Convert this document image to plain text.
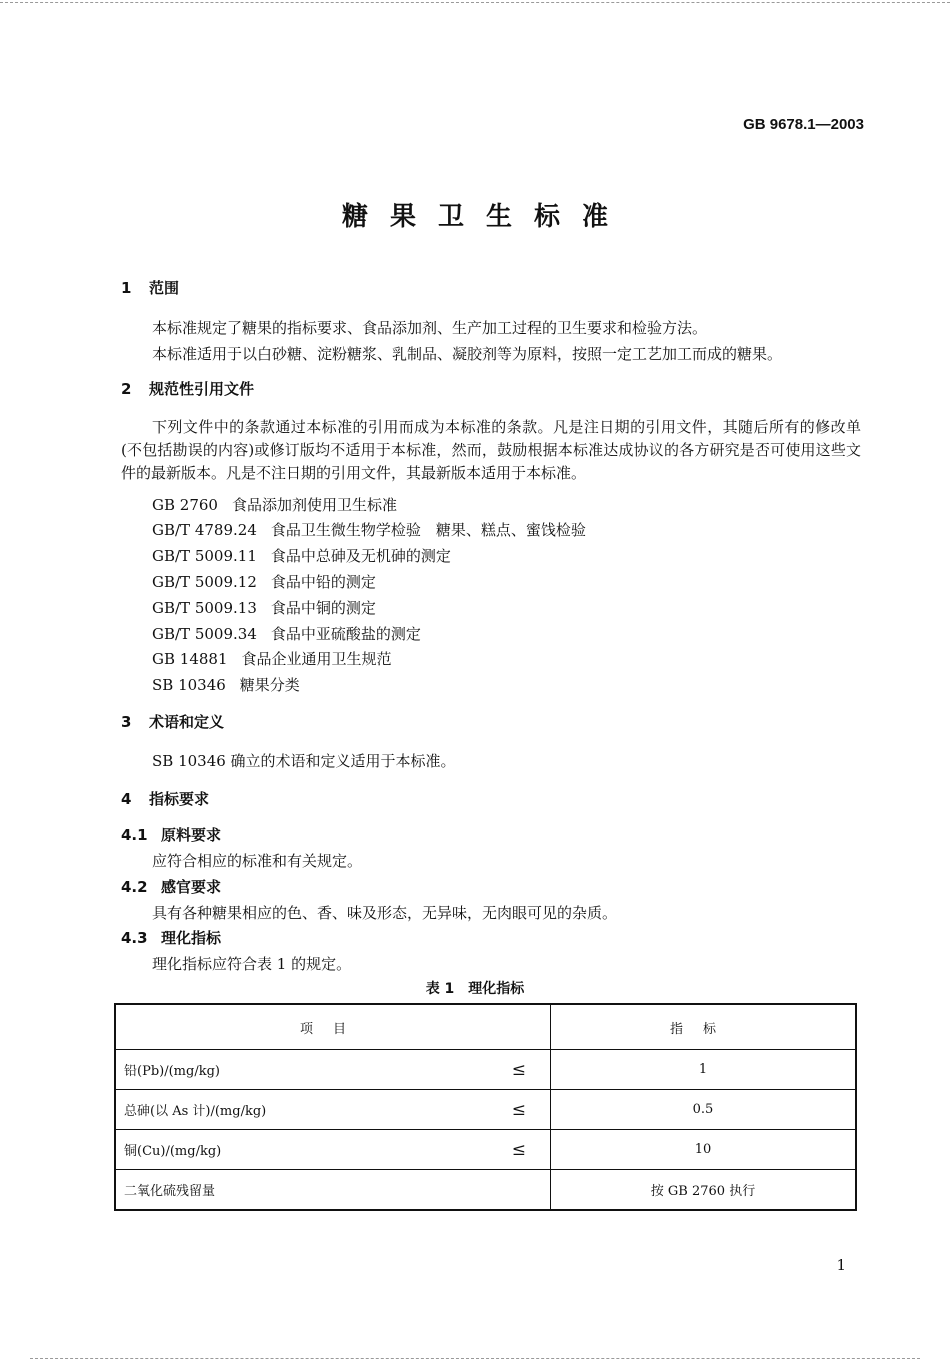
GB 9678.1—2003
糖果卫生标准
1 范围
本标准规定了糖果的指标要求、食品添加剂、生产加工过程的卫生要求和检验方法。
本标准适用于以白砂糖、淀粉糖浆、乳制品、凝胶剂等为原料，按照一定工艺加工而成的糖果。
2 规范性引用文件
下列文件中的条款通过本标准的引用而成为本标准的条款。凡是注日期的引用文件，其随后所有的修改单(不包括勘误的内容)或修订版均不适用于本标准，然而，鼓励根据本标准达成协议的各方研究是否可使用这些文件的最新版本。凡是不注日期的引用文件，其最新版本适用于本标准。
GB 2760 食品添加剂使用卫生标准
GB/T 4789.24 食品卫生微生物学检验　糖果、糕点、蜜饯检验
GB/T 5009.11 食品中总砷及无机砷的测定
GB/T 5009.12 食品中铅的测定
GB/T 5009.13 食品中铜的测定
GB/T 5009.34 食品中亚硫酸盐的测定
GB 14881 食品企业通用卫生规范
SB 10346 糖果分类
3 术语和定义
SB 10346 确立的术语和定义适用于本标准。
4 指标要求
4.1 原料要求
应符合相应的标准和有关规定。
4.2 感官要求
具有各种糖果相应的色、香、味及形态，无异味，无肉眼可见的杂质。
4.3 理化指标
理化指标应符合表 1 的规定。
表 1　理化指标
项目	指标

铅(Pb)/(mg/kg) ≤	1

总砷(以 As 计)/(mg/kg) ≤	0.5

铜(Cu)/(mg/kg) ≤	10

二氧化硫残留量	按 GB 2760 执行
1
